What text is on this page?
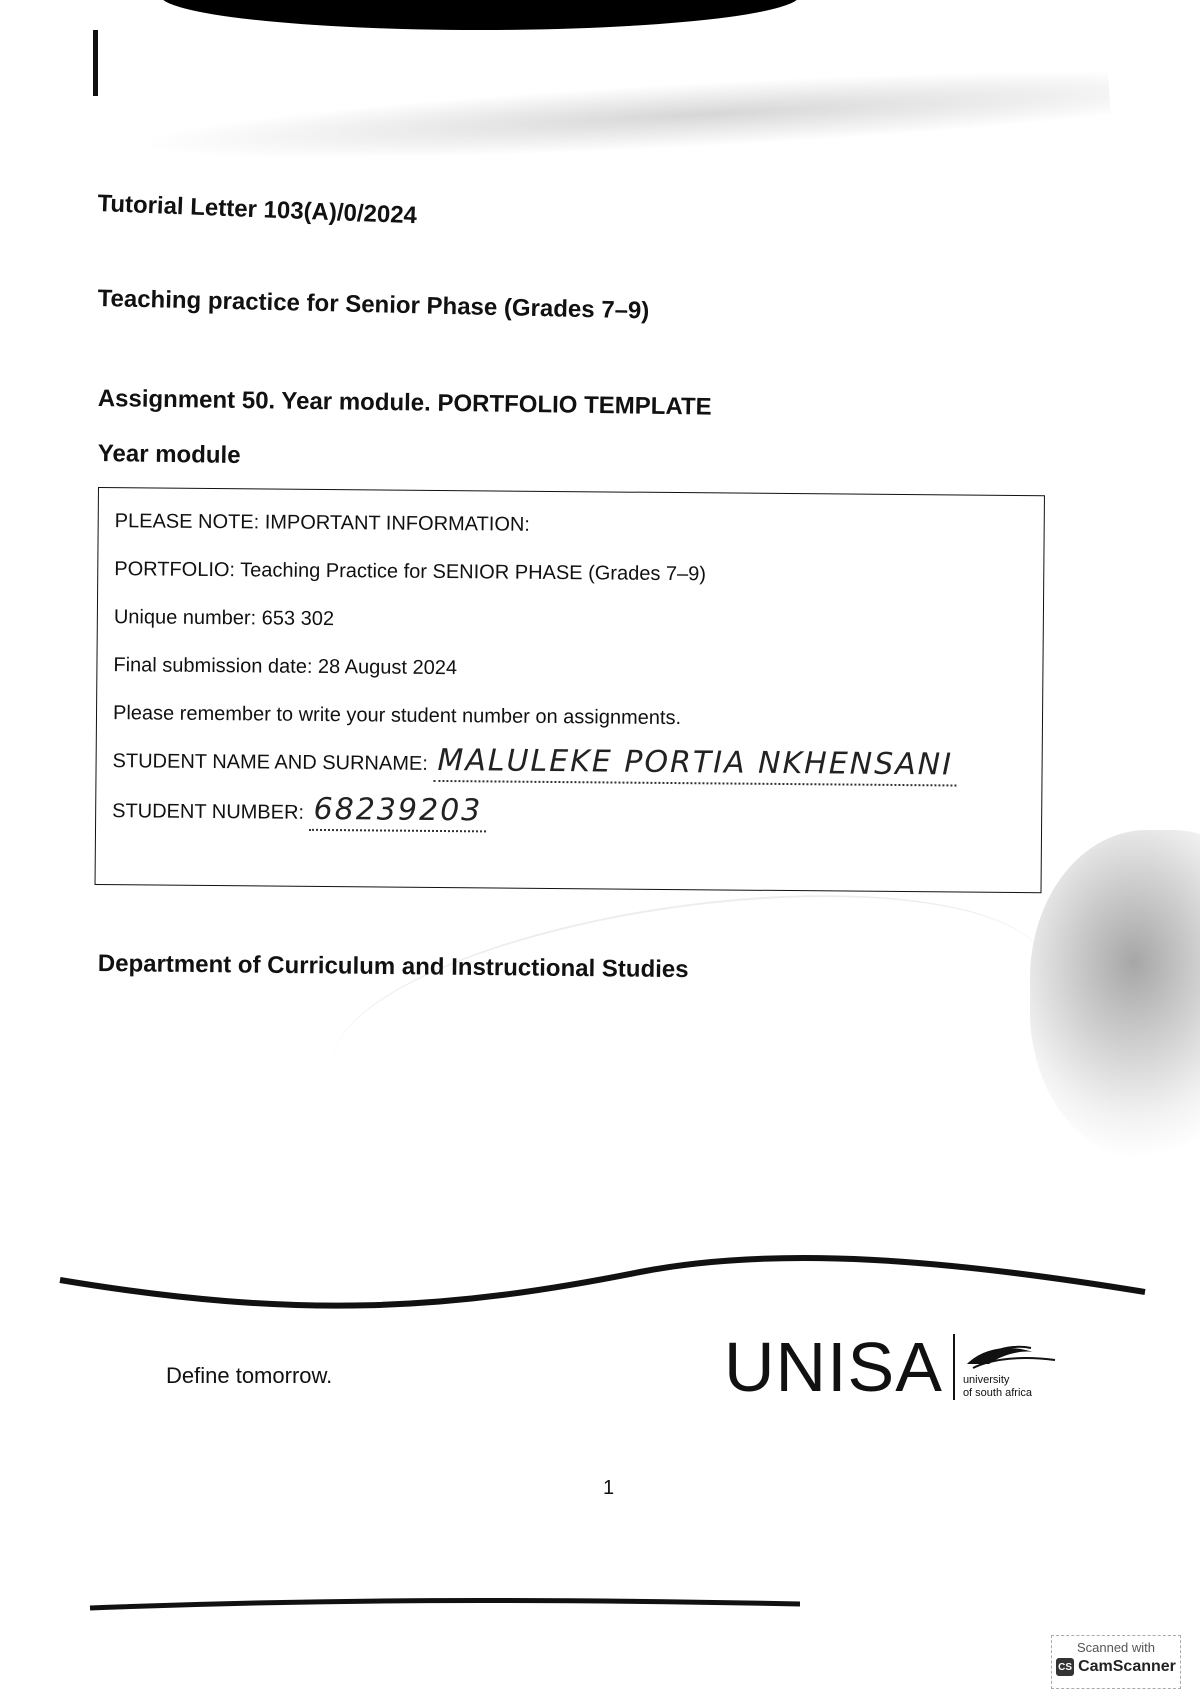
Tutorial Letter 103(A)/0/2024
Teaching practice for Senior Phase (Grades 7–9)
Assignment 50. Year module. PORTFOLIO TEMPLATE
Year module
PLEASE NOTE: IMPORTANT INFORMATION:
PORTFOLIO: Teaching Practice for SENIOR PHASE (Grades 7–9)
Unique number: 653 302
Final submission date: 28 August 2024
Please remember to write your student number on assignments.
STUDENT NAME AND SURNAME: MALULEKE PORTIA NKHENSANI
STUDENT NUMBER: 68239203
Department of Curriculum and Instructional Studies
Define tomorrow.	UNISA university
of south africa
1
Scanned with
CS CamScanner
